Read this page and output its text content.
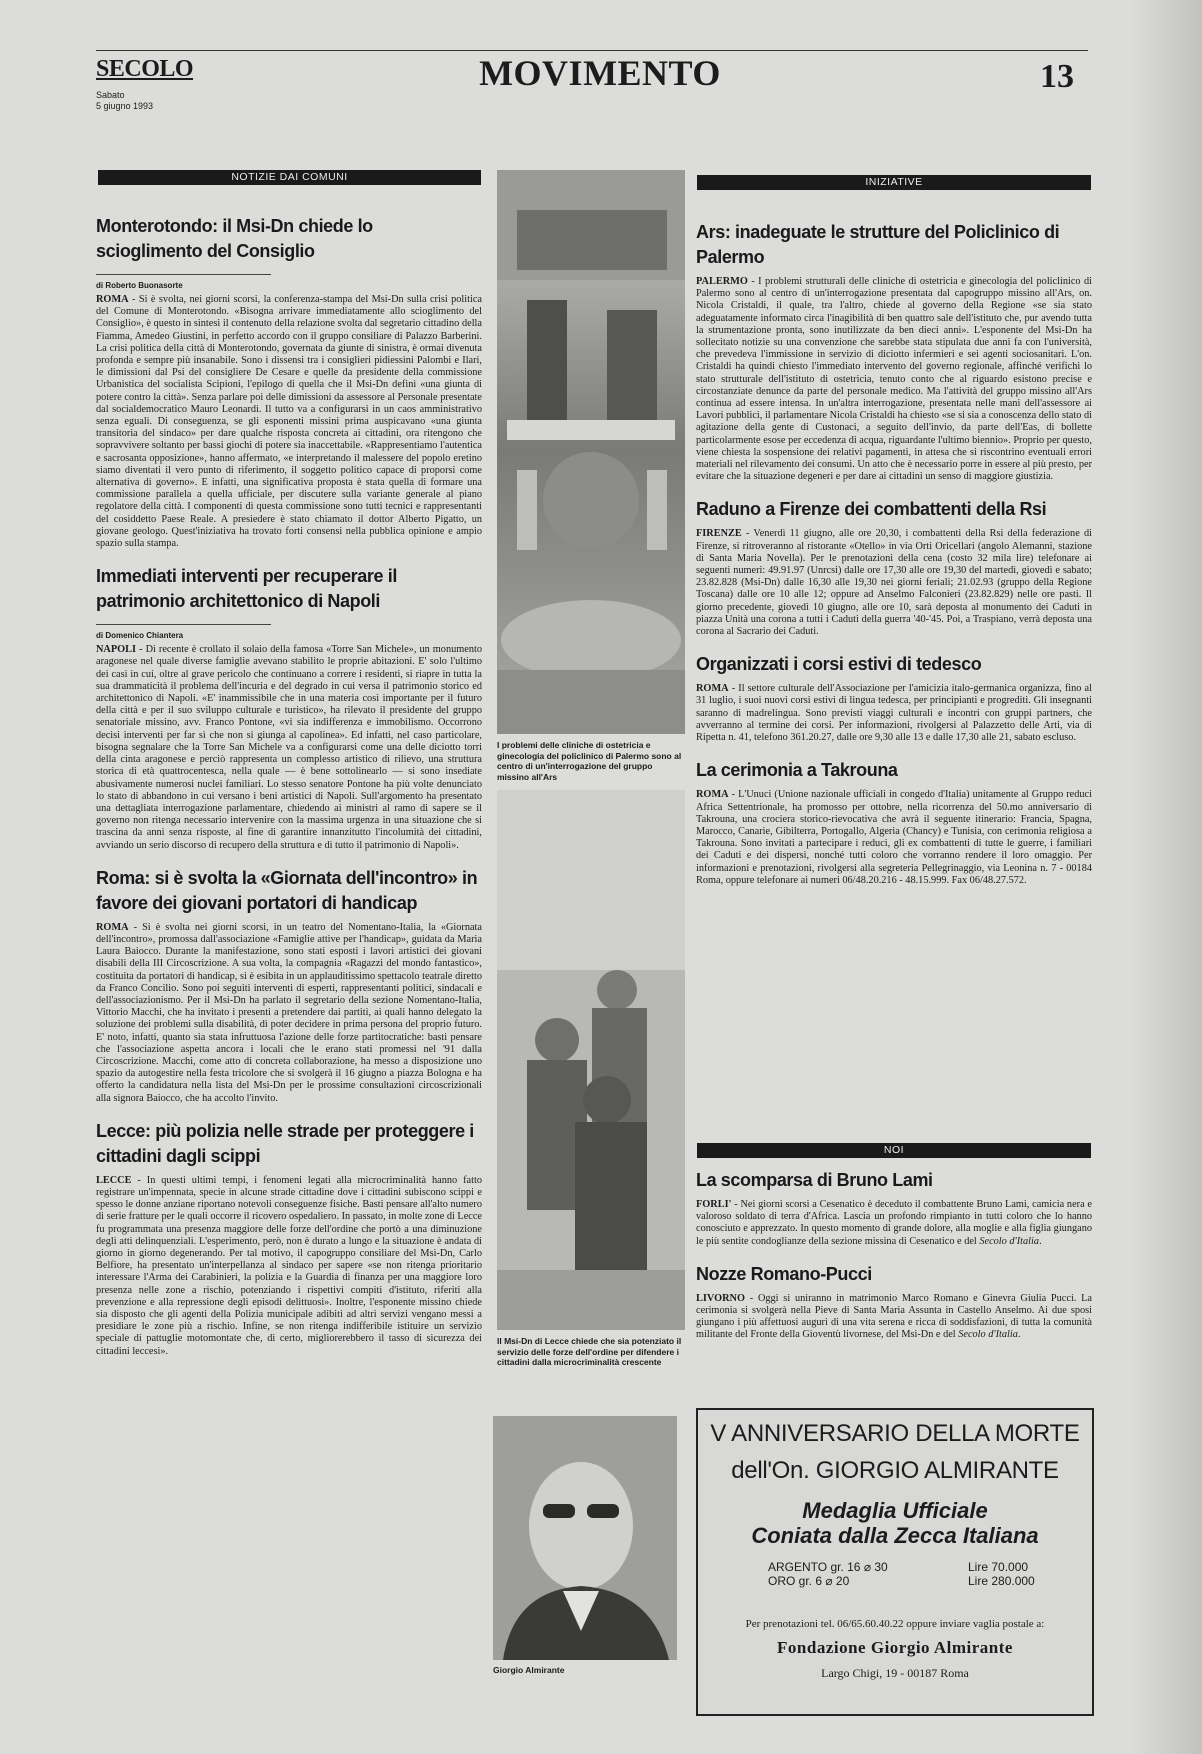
SECOLO
Sabato
5 giugno 1993
MOVIMENTO	13
NOTIZIE DAI COMUNI
Monterotondo: il Msi-Dn chiede lo scioglimento del Consiglio
di Roberto Buonasorte

ROMA - Si è svolta, nei giorni scorsi, la conferenza-stampa del Msi-Dn sulla crisi politica del Comune di Monterotondo. «Bisogna arrivare immediatamente allo scioglimento del Consiglio», è questo in sintesi il contenuto della relazione svolta dal segretario cittadino della Fiamma, Amedeo Giustini, in perfetto accordo con il gruppo consiliare di Palazzo Barberini. La crisi politica della città di Monterotondo, governata da giunte di sinistra, è ormai divenuta profonda e sempre più insanabile. Sono i dissensi tra i consiglieri pidiessini Palombi e Ilari, le dimissioni dal Psi del consigliere De Cesare e quelle da presidente della commissione Urbanistica del socialista Scipioni, l'epilogo di quella che il Msi-Dn definì «una giunta di potere contro la città». Senza parlare poi delle dimissioni da assessore al Personale presentate dal socialdemocratico Mauro Leonardi. Il tutto va a configurarsi in un caos amministrativo senza eguali. Di conseguenza, se gli esponenti missini prima auspicavano «una giunta transitoria del sindaco» per dare qualche risposta concreta ai cittadini, ora ritengono che sopravviverе soltanto per bassi giochi di potere sia inaccettabile. «Rappresentiamo l'autentica e sacrosanta opposizione», hanno affermato, «e interpretando il malessere del popolo eretino siamo diventati il vero punto di riferimento, il soggetto politico capace di proporsi come alternativa di governo». E infatti, una significativa proposta è stata quella di formare una commissione parallela a quella ufficiale, per discutere sulla variante generale al piano regolatore della città. I componenti di questa commissione sono tutti tecnici e rappresentanti del cosiddetto Paese Reale. A presiedere è stato chiamato il dottor Alberto Pigatto, un giovane geologo. Quest'iniziativa ha trovato forti consensi nella pubblica opinione e ampio spazio sulla stampa.

Immediati interventi per recuperare il patrimonio architettonico di Napoli
di Domenico Chiantera

NAPOLI - Di recente è crollato il solaio della famosa «Torre San Michele», un monumento aragonese nel quale diverse famiglie avevano stabilito le proprie abitazioni. E' solo l'ultimo dei casi in cui, oltre al grave pericolo che continuano a correre i residenti, si riapre in tutta la sua drammaticità il problema dell'incuria e del degrado in cui versa il patrimonio storico ed architettonico di Napoli. «E' inammissibile che in una materia così importante per il futuro della città e per il suo sviluppo culturale e turistico», ha rilevato il presidente del gruppo senatoriale missino, avv. Franco Pontone, «vi sia indifferenza e immobilismo. Occorrono decisi interventi per far sì che non si giunga al capolinea». Ed infatti, nel caso particolare, bisogna segnalare che la Torre San Michele va a configurarsi come una delle diciotto torri della cinta aragonese e perciò rappresenta un complesso artistico di rilievo, una struttura storica di età quattrocentesca, nella quale — è bene sottolinearlo — si sono insediate abusivamente numerosi nuclei familiari. Lo stesso senatore Pontone ha più volte denunciato lo stato di abbandono in cui versano i beni artistici di Napoli. Sull'argomento ha presentato una dettagliata interrogazione parlamentare, chiedendo ai ministri al ramo di sapere se il governo non ritenga necessario intervenire con la massima urgenza in una situazione che si trascina da anni senza risposte, al fine di garantire innanzitutto l'incolumità dei cittadini, avviando un serio discorso di recupero della struttura e di tutto il patrimonio di Napoli».

Roma: si è svolta la «Giornata dell'incontro» in favore dei giovani portatori di handicap

ROMA - Si è svolta nei giorni scorsi, in un teatro del Nomentano-Italia, la «Giornata dell'incontro», promossa dall'associazione «Famiglie attive per l'handicap», guidata da Maria Laura Baiocco. Durante la manifestazione, sono stati esposti i lavori artistici dei giovani disabili della III Circoscrizione. A sua volta, la compagnia «Ragazzi del mondo fantastico», costituita da portatori di handicap, si è esibita in un applauditissimo spettacolo teatrale diretto da Franco Concilio. Sono poi seguiti interventi di esperti, rappresentanti politici, sindacali e dell'associazionismo. Per il Msi-Dn ha parlato il segretario della sezione Nomentano-Italia, Vittorio Macchi, che ha invitato i presenti a pretendere dai partiti, ai quali hanno delegato la soluzione dei problemi sulla disabilità, di poter decidere in prima persona del proprio futuro. E' noto, infatti, quanto sia stata infruttuosa l'azione delle forze partitocratiche: basti pensare che l'associazione aspetta ancora i locali che le erano stati promessi nel '91 dalla Circoscrizione. Macchi, come atto di concreta collaborazione, ha messo a disposizione uno spazio da autogestire nella festa tricolore che si svolgerà il 16 giugno a piazza Bologna e ha offerto la candidatura nella lista del Msi-Dn per le prossime consultazioni circoscrizionali alla signora Baiocco, che ha accolto l'invito.

Lecce: più polizia nelle strade per proteggere i cittadini dagli scippi

LECCE - In questi ultimi tempi, i fenomeni legati alla microcriminalità hanno fatto registrare un'impennata, specie in alcune strade cittadine dove i cittadini subiscono scippi e spesso le donne anziane riportano notevoli conseguenze fisiche. Basti pensare all'alto numero di serie fratture per le quali occorre il ricovero ospedaliero. In passato, in molte zone di Lecce fu programmata una presenza maggiore delle forze dell'ordine che portò a una diminuzione degli atti delinquenziali. L'esperimento, però, non è durato a lungo e la situazione è andata di giorno in giorno degenerando. Per tal motivo, il capogruppo consiliare del Msi-Dn, Carlo Belfiore, ha presentato un'interpellanza al sindaco per sapere «se non ritenga prioritario interessare l'Arma dei Carabinieri, la polizia e la Guardia di finanza per una maggiore loro presenza nelle zone a rischio, potenziando i rispettivi compiti d'istituto, riferiti alla prevenzione e alla repressione degli episodi delittuosi». Inoltre, l'esponente missino chiede sia disposto che gli agenti della Polizia municipale adibiti ad altri servizi vengano messi a presidiare le zone più a rischio. Infine, se non ritenga indifferibile istituire un servizio speciale di pattuglie motomontate che, di certo, migliorerebbero il tasso di sicurezza dei cittadini leccesi».

I problemi delle cliniche di ostetricia e ginecologia del policlinico di Palermo sono al centro di un'interrogazione del gruppo missino all'Ars
Il Msi-Dn di Lecce chiede che sia potenziato il servizio delle forze dell'ordine per difendere i cittadini dalla microcriminalità crescente
Giorgio Almirante
INIZIATIVE
Ars: inadeguate le strutture del Policlinico di Palermo

PALERMO - I problemi strutturali delle cliniche di ostetricia e ginecologia del policlinico di Palermo sono al centro di un'interrogazione presentata dal capogruppo missino all'Ars, on. Nicola Cristaldi, il quale, tra l'altro, chiede al governo della Regione «se sia stato adeguatamente informato circa l'inagibilità di ben quattro sale dell'istituto che, pur avendo tutta la strumentazione pronta, sono inutilizzate da ben dieci anni». L'esponente del Msi-Dn ha sollecitato notizie su una convenzione che sarebbe stata stipulata due anni fa con l'università, che prevedeva l'immissione in servizio di diciotto infermieri e sei agenti sociosanitari. L'on. Cristaldi ha quindi chiesto l'immediato intervento del governo regionale, affinché verifichi lo stato strutturale dell'istituto di ostetricia, tenuto conto che al riguardo esistono precise e circostanziate denunce da parte del personale medico. Ma l'attività del gruppo missino all'Ars continua ad essere intensa. In un'altra interrogazione, presentata nelle mani dell'assessore ai Lavori pubblici, il parlamentare Nicola Cristaldi ha chiesto «se si sia a conoscenza dello stato di agitazione della gente di Custonaci, a seguito dell'invio, da parte dell'Eas, di bollette particolarmente esose per eccedenza di acqua, riguardante l'ultimo biennio». Proprio per questo, viene chiesta la sospensione dei relativi pagamenti, in attesa che si riscontrino eventuali errori materiali nel rilevamento dei consumi. Un atto che è necessario porre in essere al più presto, per evitare che la situazione degeneri e per dare ai cittadini un senso di maggiore giustizia.

Raduno a Firenze dei combattenti della Rsi

FIRENZE - Venerdì 11 giugno, alle ore 20,30, i combattenti della Rsi della federazione di Firenze, si ritroveranno al ristorante «Otello» in via Orti Oricellari (angolo Alemanni, stazione di Santa Maria Novella). Per le prenotazioni della cena (costo 32 mila lire) telefonare ai seguenti numeri: 49.91.97 (Unrcsi) dalle ore 17,30 alle ore 19,30 del martedì, giovedì e sabato; 23.82.828 (Msi-Dn) dalle 16,30 alle 19,30 nei giorni feriali; 21.02.93 (gruppo della Regione Toscana) dalle ore 10 alle 12; oppure ad Anselmo Falconieri (23.82.829) nelle ore pasti. Il giorno precedente, giovedì 10 giugno, alle ore 10, sarà deposta al monumento dei Caduti in piazza Unità una corona a tutti i Caduti della guerra '40-'45. Poi, a Traspiano, verrà deposta una corona al Sacrario dei Caduti.

Organizzati i corsi estivi di tedesco

ROMA - Il settore culturale dell'Associazione per l'amicizia italo-germanica organizza, fino al 31 luglio, i suoi nuovi corsi estivi di lingua tedesca, per principianti e progrediti. Gli insegnanti saranno di madrelingua. Sono previsti viaggi culturali e incontri con gruppi partners, che avverranno al termine dei corsi. Per informazioni, rivolgersi al Palazzetto delle Arti, via di Ripetta n. 41, telefono 361.20.27, dalle ore 9,30 alle 13 e dalle 17,30 alle 21, sabato escluso.

La cerimonia a Takrouna

ROMA - L'Unuci (Unione nazionale ufficiali in congedo d'Italia) unitamente al Gruppo reduci Africa Settentrionale, ha promosso per ottobre, nella ricorrenza del 50.mo anniversario di Takrouna, una crociera storico-rievocativa che avrà il seguente itinerario: Francia, Spagna, Marocco, Canarie, Gibilterra, Portogallo, Algeria (Chancy) e Tunisia, con cerimonia religiosa a Takrouna. Sono invitati a partecipare i reduci, gli ex combattenti di tutte le guerre, i familiari dei Caduti e dei dispersi, nonché tutti coloro che vorranno rendere il loro omaggio. Per informazioni e prenotazioni, rivolgersi alla segreteria Pellegrinaggio, via Leonina n. 7 - 00184 Roma, oppure telefonare ai numeri 06/48.20.216 - 48.15.999. Fax 06/48.27.572.

NOI
La scomparsa di Bruno Lami

FORLI' - Nei giorni scorsi a Cesenatico è deceduto il combattente Bruno Lami, camicia nera e valoroso soldato di terra d'Africa. Lascia un profondo rimpianto in tutti coloro che lo hanno conosciuto e apprezzato. In questo momento di grande dolore, alla moglie e alla figlia giungano le più sentite condoglianze della sezione missina di Cesenatico e del Secolo d'Italia.

Nozze Romano-Pucci

LIVORNO - Oggi si uniranno in matrimonio Marco Romano e Ginevra Giulia Pucci. La cerimonia si svolgerà nella Pieve di Santa Maria Assunta in Castello Anselmo. Ai due sposi giungano i più affettuosi auguri di una vita serena e ricca di soddisfazioni, di tutta la comunità militante del Fronte della Gioventù livornese, del Msi-Dn e del Secolo d'Italia.

V ANNIVERSARIO DELLA MORTE
dell'On. GIORGIO ALMIRANTE
Medaglia Ufficiale
Coniata dalla Zecca Italiana
ARGENTO gr. 16 ⌀ 30	Lire 70.000
ORO gr. 6 ⌀ 20	Lire 280.000
Per prenotazioni tel. 06/65.60.40.22 oppure inviare vaglia postale a:
Fondazione Giorgio Almirante
Largo Chigi, 19 - 00187 Roma
